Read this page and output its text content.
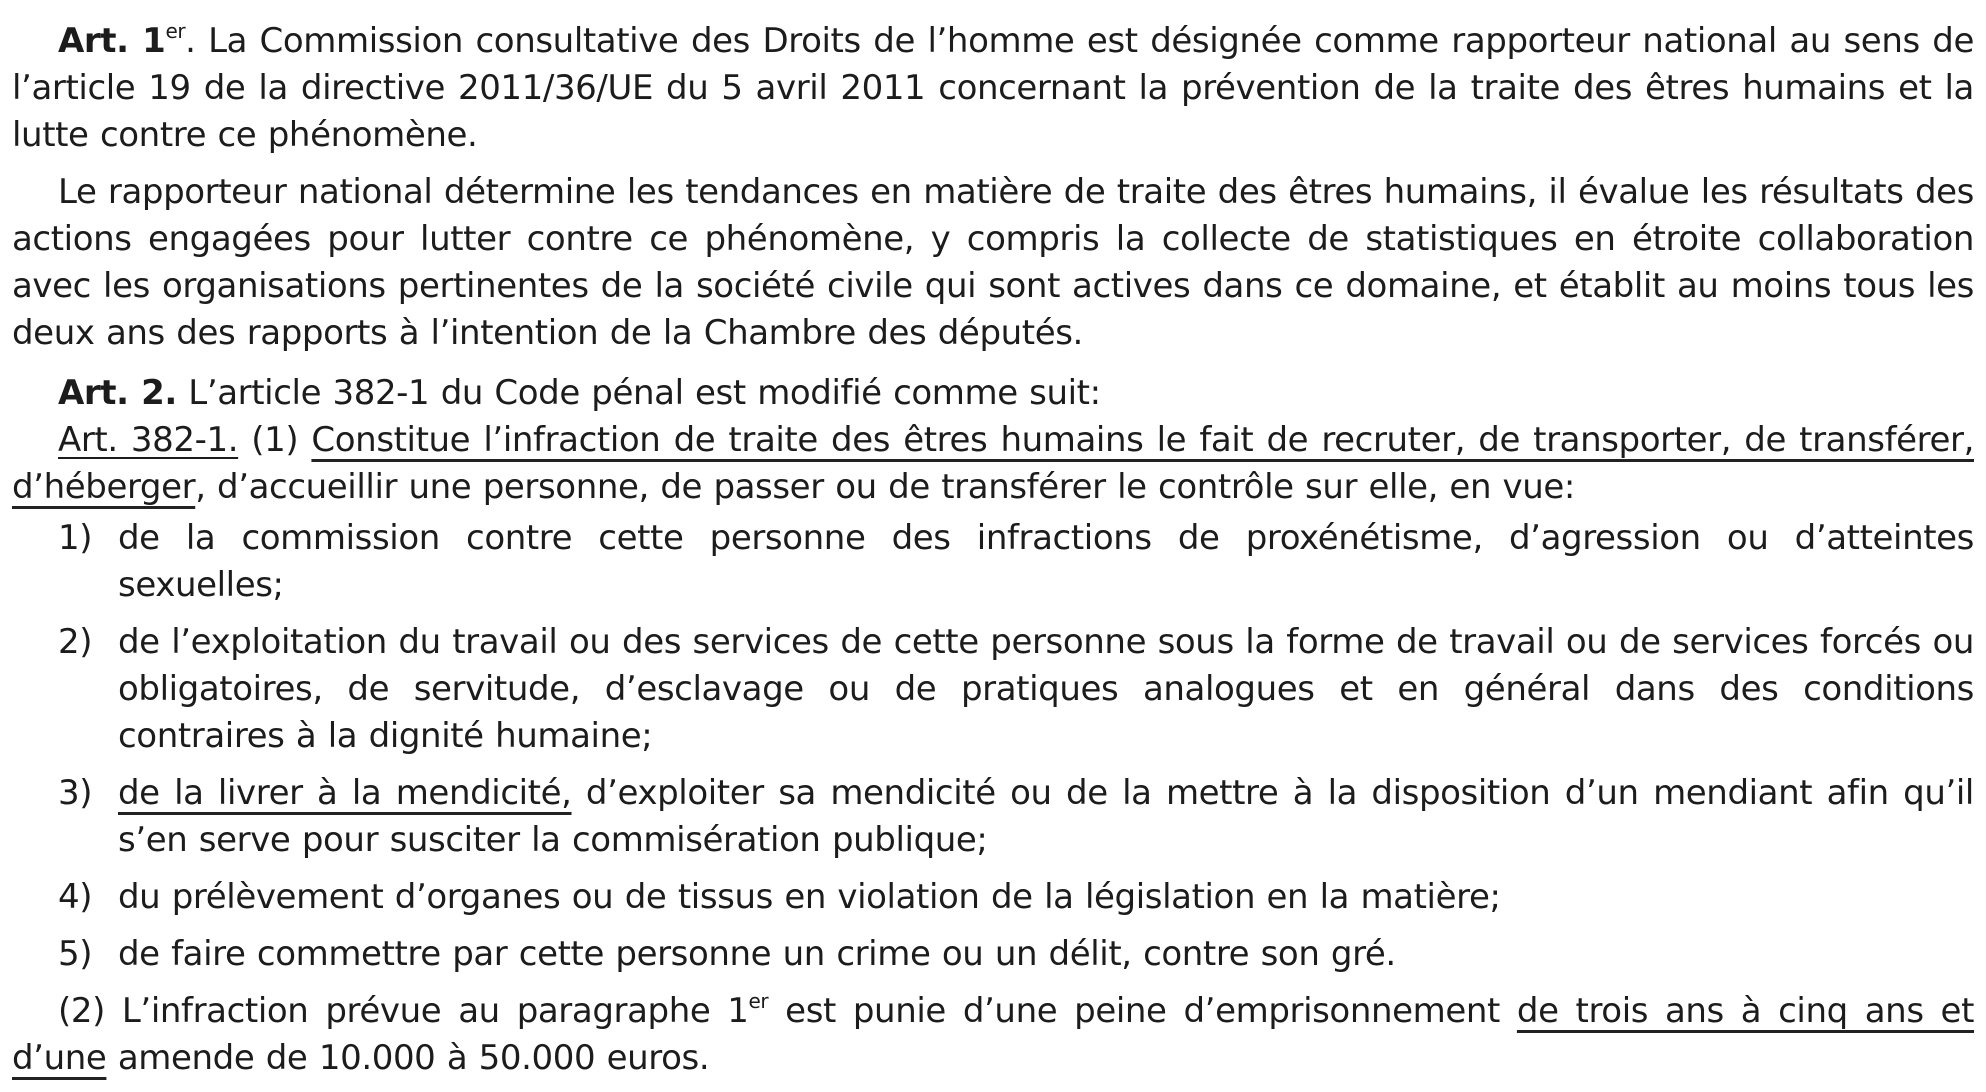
Art. 1er. La Commission consultative des Droits de l’homme est désignée comme rapporteur national au sens de l’article 19 de la directive 2011/36/UE du 5 avril 2011 concernant la prévention de la traite des êtres humains et la lutte contre ce phénomène.

Le rapporteur national détermine les tendances en matière de traite des êtres humains, il évalue les résultats des actions engagées pour lutter contre ce phénomène, y compris la collecte de statistiques en étroite collaboration avec les organisations pertinentes de la société civile qui sont actives dans ce domaine, et établit au moins tous les deux ans des rapports à l’intention de la Chambre des députés.

Art. 2. L’article 382-1 du Code pénal est modifié comme suit:

Art. 382-1. (1) Constitue l’infraction de traite des êtres humains le fait de recruter, de transporter, de transférer, d’héberger, d’accueillir une personne, de passer ou de transférer le contrôle sur elle, en vue:

1) de la commission contre cette personne des infractions de proxénétisme, d’agression ou d’atteintes sexuelles;
2) de l’exploitation du travail ou des services de cette personne sous la forme de travail ou de services forcés ou obligatoires, de servitude, d’esclavage ou de pratiques analogues et en général dans des conditions contraires à la dignité humaine;
3) de la livrer à la mendicité, d’exploiter sa mendicité ou de la mettre à la disposition d’un mendiant afin qu’il s’en serve pour susciter la commisération publique;
4) du prélèvement d’organes ou de tissus en violation de la législation en la matière;
5) de faire commettre par cette personne un crime ou un délit, contre son gré.

(2) L’infraction prévue au paragraphe 1er est punie d’une peine d’emprisonnement de trois ans à cinq ans et d’une amende de 10.000 à 50.000 euros.
